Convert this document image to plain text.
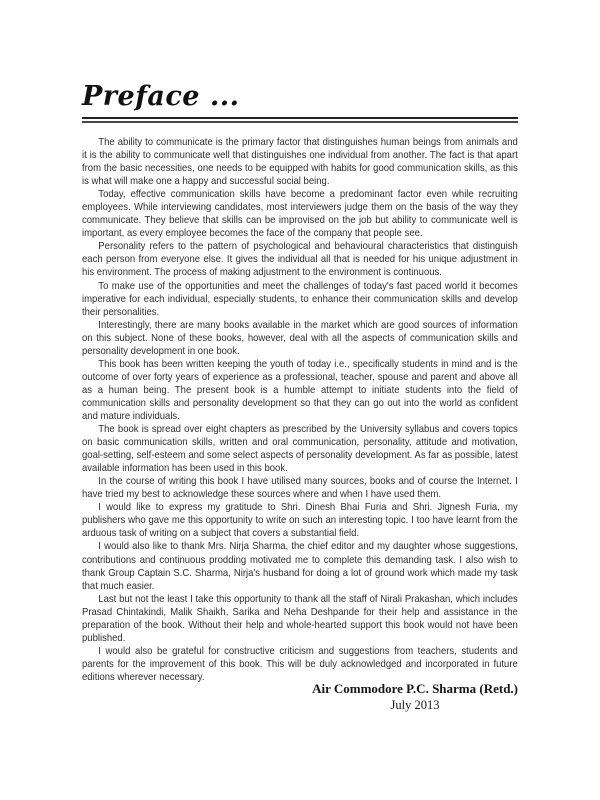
Preface ...

The ability to communicate is the primary factor that distinguishes human beings from animals and it is the ability to communicate well that distinguishes one individual from another. The fact is that apart from the basic necessities, one needs to be equipped with habits for good communication skills, as this is what will make one a happy and successful social being.

Today, effective communication skills have become a predominant factor even while recruiting employees. While interviewing candidates, most interviewers judge them on the basis of the way they communicate. They believe that skills can be improvised on the job but ability to communicate well is important, as every employee becomes the face of the company that people see.

Personality refers to the pattern of psychological and behavioural characteristics that distinguish each person from everyone else. It gives the individual all that is needed for his unique adjustment in his environment. The process of making adjustment to the environment is continuous.

To make use of the opportunities and meet the challenges of today's fast paced world it becomes imperative for each individual, especially students, to enhance their communication skills and develop their personalities.

Interestingly, there are many books available in the market which are good sources of information on this subject. None of these books, however, deal with all the aspects of communication skills and personality development in one book.

This book has been written keeping the youth of today i.e., specifically students in mind and is the outcome of over forty years of experience as a professional, teacher, spouse and parent and above all as a human being. The present book is a humble attempt to initiate students into the field of communication skills and personality development so that they can go out into the world as confident and mature individuals.

The book is spread over eight chapters as prescribed by the University syllabus and covers topics on basic communication skills, written and oral communication, personality, attitude and motivation, goal-setting, self-esteem and some select aspects of personality development. As far as possible, latest available information has been used in this book.

In the course of writing this book I have utilised many sources, books and of course the Internet. I have tried my best to acknowledge these sources where and when I have used them.

I would like to express my gratitude to Shri. Dinesh Bhai Furia and Shri. Jignesh Furia, my publishers who gave me this opportunity to write on such an interesting topic. I too have learnt from the arduous task of writing on a subject that covers a substantial field.

I would also like to thank Mrs. Nirja Sharma, the chief editor and my daughter whose suggestions, contributions and continuous prodding motivated me to complete this demanding task. I also wish to thank Group Captain S.C. Sharma, Nirja's husband for doing a lot of ground work which made my task that much easier.

Last but not the least I take this opportunity to thank all the staff of Nirali Prakashan, which includes Prasad Chintakindi, Malik Shaikh, Sarika and Neha Deshpande for their help and assistance in the preparation of the book. Without their help and whole-hearted support this book would not have been published.

I would also be grateful for constructive criticism and suggestions from teachers, students and parents for the improvement of this book. This will be duly acknowledged and incorporated in future editions wherever necessary.

Air Commodore P.C. Sharma (Retd.)
July 2013
